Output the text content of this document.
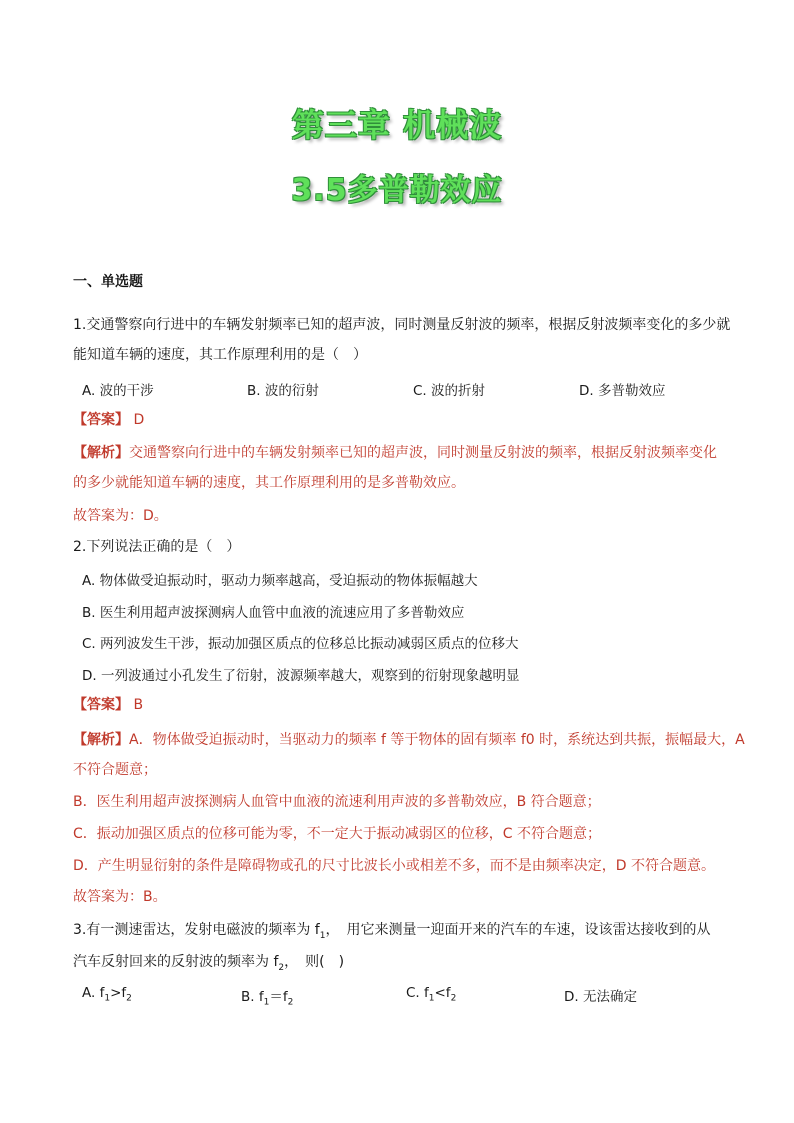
第三章 机械波
3.5多普勒效应
一、单选题
1.交通警察向行进中的车辆发射频率已知的超声波，同时测量反射波的频率，根据反射波频率变化的多少就
能知道车辆的速度，其工作原理利用的是（　）
A. 波的干涉	B. 波的衍射	C. 波的折射	D. 多普勒效应
【答案】 D
【解析】交通警察向行进中的车辆发射频率已知的超声波，同时测量反射波的频率，根据反射波频率变化
的多少就能知道车辆的速度，其工作原理利用的是多普勒效应。
故答案为：D。
2.下列说法正确的是（　）
A. 物体做受迫振动时，驱动力频率越高，受迫振动的物体振幅越大
B. 医生利用超声波探测病人血管中血液的流速应用了多普勒效应
C. 两列波发生干涉，振动加强区质点的位移总比振动减弱区质点的位移大
D. 一列波通过小孔发生了衍射，波源频率越大，观察到的衍射现象越明显
【答案】 B
【解析】A．物体做受迫振动时，当驱动力的频率 f 等于物体的固有频率 f0 时，系统达到共振，振幅最大，A
不符合题意；
B．医生利用超声波探测病人血管中血液的流速利用声波的多普勒效应，B 符合题意；
C．振动加强区质点的位移可能为零，不一定大于振动减弱区的位移，C 不符合题意；
D．产生明显衍射的条件是障碍物或孔的尺寸比波长小或相差不多，而不是由频率决定，D 不符合题意。
故答案为：B。
3.有一测速雷达，发射电磁波的频率为 $f_1$，　用它来测量一迎面开来的汽车的车速，设该雷达接收到的从
汽车反射回来的反射波的频率为 $f_2$，　则(　)
A. $f_1>f_2$	B. $f_1=f_2$
C. $f_1<f_2$	D. 无法确定
